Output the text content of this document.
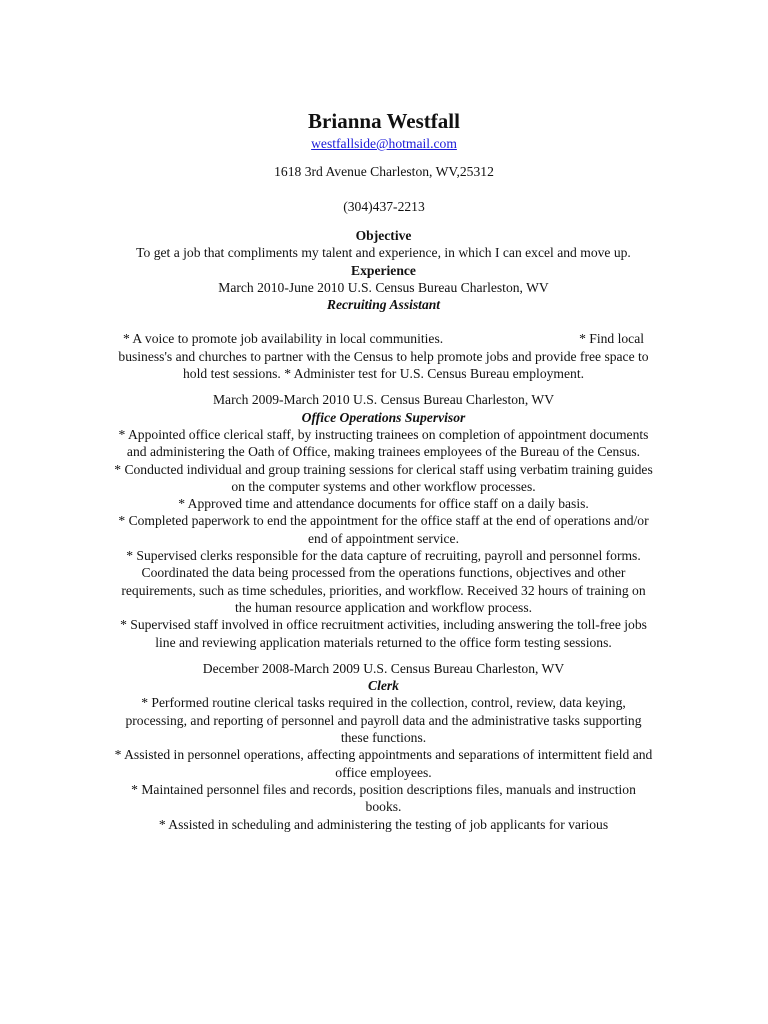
Brianna Westfall
westfallside@hotmail.com
1618 3rd Avenue Charleston, WV,25312
(304)437-2213

Objective

To get a job that compliments my talent and experience, in which I can excel and move up.

Experience

March 2010-June 2010 U.S. Census Bureau Charleston, WV

Recruiting Assistant

* A voice to promote job availability in local communities.                                        * Find local business's and churches to partner with the Census to help promote jobs and provide free space to hold test sessions. * Administer test for U.S. Census Bureau employment.

March 2009-March 2010 U.S. Census Bureau Charleston, WV

Office Operations Supervisor

* Appointed office clerical staff, by instructing trainees on completion of appointment documents and administering the Oath of Office, making trainees employees of the Bureau of the Census.

* Conducted individual and group training sessions for clerical staff using verbatim training guides on the computer systems and other workflow processes.

* Approved time and attendance documents for office staff on a daily basis.

* Completed paperwork to end the appointment for the office staff at the end of operations and/or end of appointment service.

* Supervised clerks responsible for the data capture of recruiting, payroll and personnel forms. Coordinated the data being processed from the operations functions, objectives and other requirements, such as time schedules, priorities, and workflow. Received 32 hours of training on the human resource application and workflow process.

* Supervised staff involved in office recruitment activities, including answering the toll-free jobs line and reviewing application materials returned to the office form testing sessions.

December 2008-March 2009 U.S. Census Bureau Charleston, WV

Clerk

* Performed routine clerical tasks required in the collection, control, review, data keying, processing, and reporting of personnel and payroll data and the administrative tasks supporting these functions.

* Assisted in personnel operations, affecting appointments and separations of intermittent field and office employees.

* Maintained personnel files and records, position descriptions files, manuals and instruction books.

* Assisted in scheduling and administering the testing of job applicants for various
